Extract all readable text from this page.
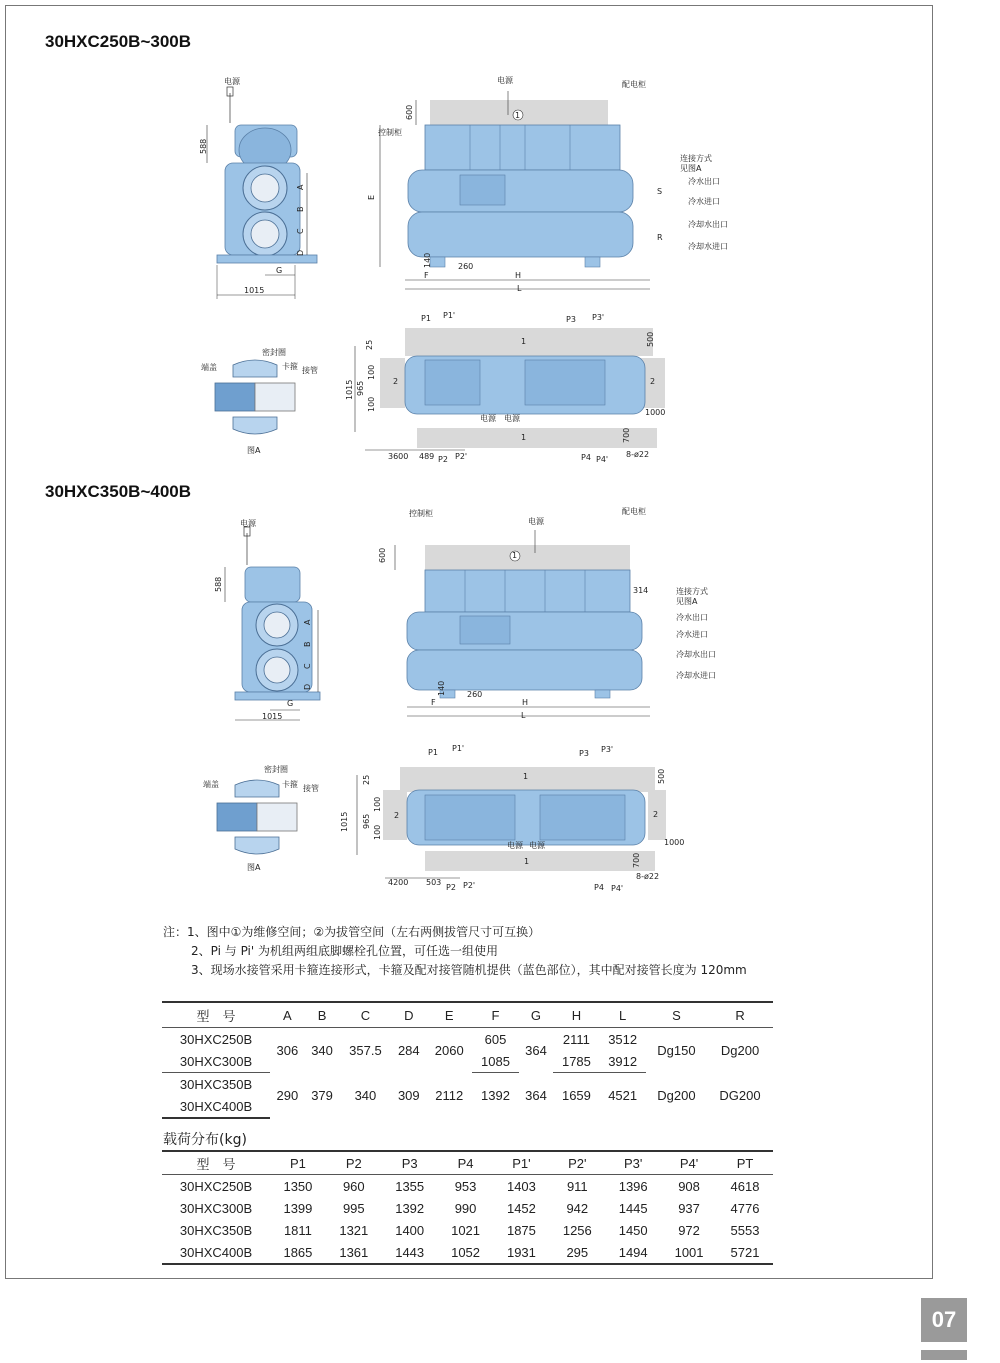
30HXC250B~300B
电源
588
A
B
C
D
G
1015
电源	配电柜
控制柜
600
E
1
连接方式
见图A
S
R
冷水出口
冷水进口
冷却水出口
冷却水进口
140	260
F	H
L
端盖
密封圈
卡箍 接管
图A
P1 P1'	P3 P3'
1
1
2	2
电源 电源
25
100
965
1015
100
500
1000
700
3600 489 P2 P2'	P4 P4'
8-ø22
30HXC350B~400B
电源
588
A
B
C
D
G
1015
控制柜
电源
配电柜
600	1
314	连接方式
见图A
冷水出口
冷水进口
冷却水出口
冷却水进口
140	260
F	H
L
端盖
密封圈
卡箍 接管
图A
P1 P1'
P3 P3'
1
1
2	2
电源 电源
25
100
965
1015
100
500
1000
700
4200 503
P2 P2'	P4 P4'
8-ø22
注：1、图中①为维修空间；②为拔管空间（左右两侧拔管尺寸可互换）
2、Pi 与 Pi' 为机组两组底脚螺栓孔位置，可任选一组使用
3、现场水接管采用卡箍连接形式，卡箍及配对接管随机提供（蓝色部位），其中配对接管长度为 120mm
型　号	A	B	C	D	E	F	G	H	L	S	R
30HXC250B	306	340	357.5	284	2060	605	364	2111	3512	Dg150	Dg200
30HXC300B						1085		1785	3912		
30HXC350B	290	379	340	309	2112	1392	364	1659	4521	Dg200	DG200
30HXC400B											
载荷分布(kg)
型　号	P1	P2	P3	P4	P1'	P2'	P3'	P4'	PT
30HXC250B	1350	960	1355	953	1403	911	1396	908	4618
30HXC300B	1399	995	1392	990	1452	942	1445	937	4776
30HXC350B	1811	1321	1400	1021	1875	1256	1450	972	5553
30HXC400B	1865	1361	1443	1052	1931	295	1494	1001	5721
07
